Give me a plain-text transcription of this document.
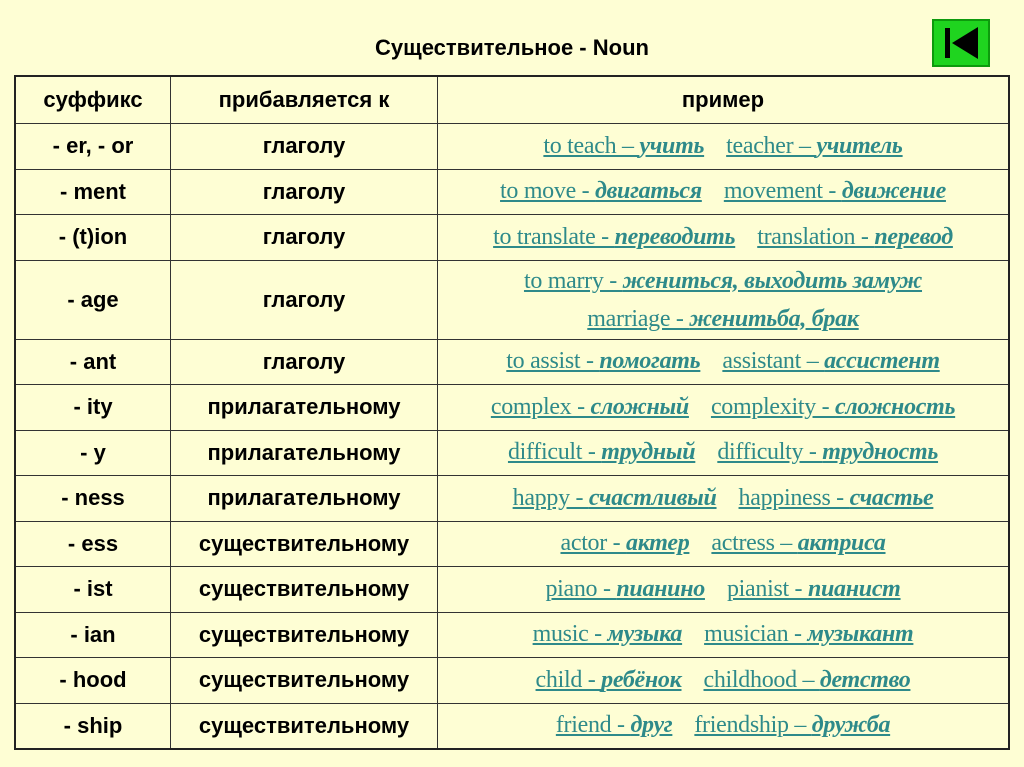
Существительное - Noun
суффикс	прибавляется к	пример
- er, - or	глаголу	to teach – учить teacher – учитель
- ment	глаголу	to move - двигаться movement - движение
- (t)ion	глаголу	to translate - переводить translation - перевод
- age	глаголу	to marry - жениться, выходить замуж
marriage - женитьба, брак

- ant	глаголу	to assist - помогать assistant – ассистент
- ity	прилагательному	complex - сложный complexity - сложность
- y	прилагательному	difficult - трудный difficulty - трудность
- ness	прилагательному	happy - счастливый happiness - счастье
- ess	существительному	actor - актер actress – актриса
- ist	существительному	piano - пианино pianist - пианист
- ian	существительному	music - музыка musician - музыкант
- hood	существительному	child - ребёнок childhood – детство
- ship	существительному	friend - друг friendship – дружба
